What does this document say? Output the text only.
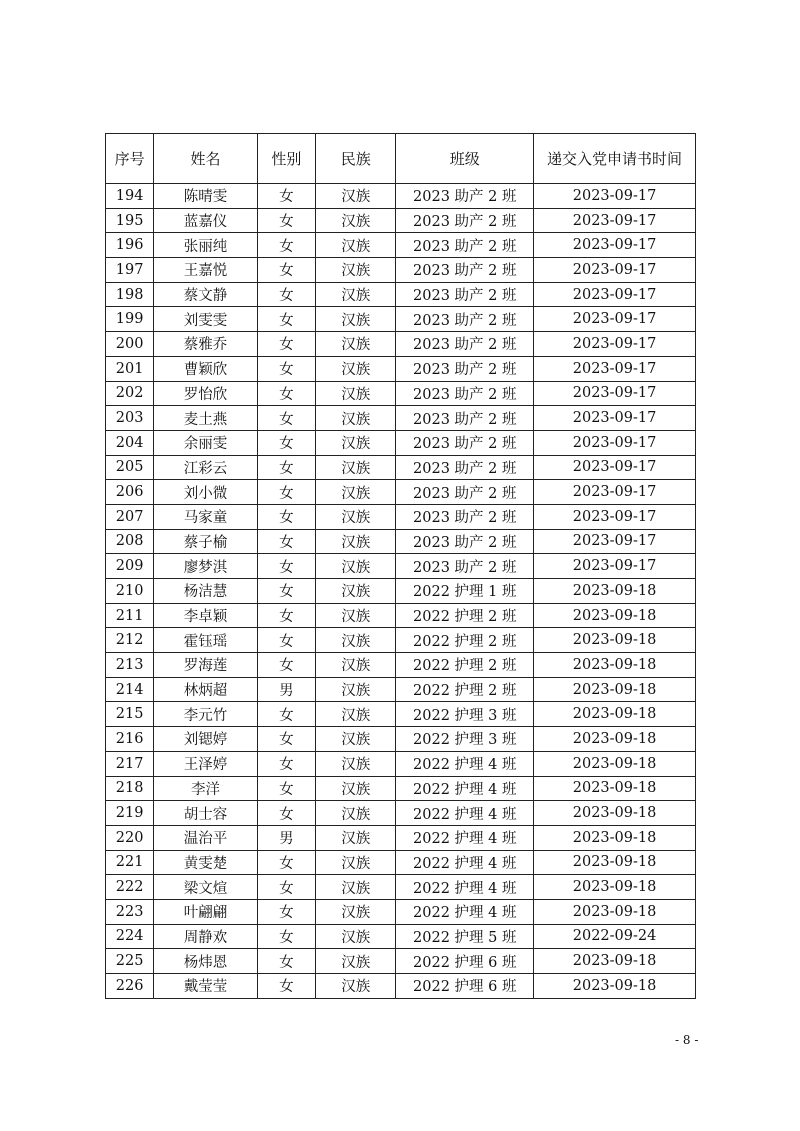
序号	姓名	性别	民族	班级	递交入党申请书时间
194	陈晴雯	女	汉族	2023 助产 2 班	2023-09-17
195	蓝嘉仪	女	汉族	2023 助产 2 班	2023-09-17
196	张丽纯	女	汉族	2023 助产 2 班	2023-09-17
197	王嘉悦	女	汉族	2023 助产 2 班	2023-09-17
198	蔡文静	女	汉族	2023 助产 2 班	2023-09-17
199	刘雯雯	女	汉族	2023 助产 2 班	2023-09-17
200	蔡雅乔	女	汉族	2023 助产 2 班	2023-09-17
201	曹颖欣	女	汉族	2023 助产 2 班	2023-09-17
202	罗怡欣	女	汉族	2023 助产 2 班	2023-09-17
203	麦土燕	女	汉族	2023 助产 2 班	2023-09-17
204	余丽雯	女	汉族	2023 助产 2 班	2023-09-17
205	江彩云	女	汉族	2023 助产 2 班	2023-09-17
206	刘小微	女	汉族	2023 助产 2 班	2023-09-17
207	马家童	女	汉族	2023 助产 2 班	2023-09-17
208	蔡子榆	女	汉族	2023 助产 2 班	2023-09-17
209	廖梦淇	女	汉族	2023 助产 2 班	2023-09-17
210	杨洁慧	女	汉族	2022 护理 1 班	2023-09-18
211	李卓颖	女	汉族	2022 护理 2 班	2023-09-18
212	霍钰瑶	女	汉族	2022 护理 2 班	2023-09-18
213	罗海莲	女	汉族	2022 护理 2 班	2023-09-18
214	林炳超	男	汉族	2022 护理 2 班	2023-09-18
215	李元竹	女	汉族	2022 护理 3 班	2023-09-18
216	刘锶婷	女	汉族	2022 护理 3 班	2023-09-18
217	王泽婷	女	汉族	2022 护理 4 班	2023-09-18
218	李洋	女	汉族	2022 护理 4 班	2023-09-18
219	胡士容	女	汉族	2022 护理 4 班	2023-09-18
220	温治平	男	汉族	2022 护理 4 班	2023-09-18
221	黄雯楚	女	汉族	2022 护理 4 班	2023-09-18
222	梁文煊	女	汉族	2022 护理 4 班	2023-09-18
223	叶翩翩	女	汉族	2022 护理 4 班	2023-09-18
224	周静欢	女	汉族	2022 护理 5 班	2022-09-24
225	杨炜恩	女	汉族	2022 护理 6 班	2023-09-18
226	戴莹莹	女	汉族	2022 护理 6 班	2023-09-18
- 8 -
